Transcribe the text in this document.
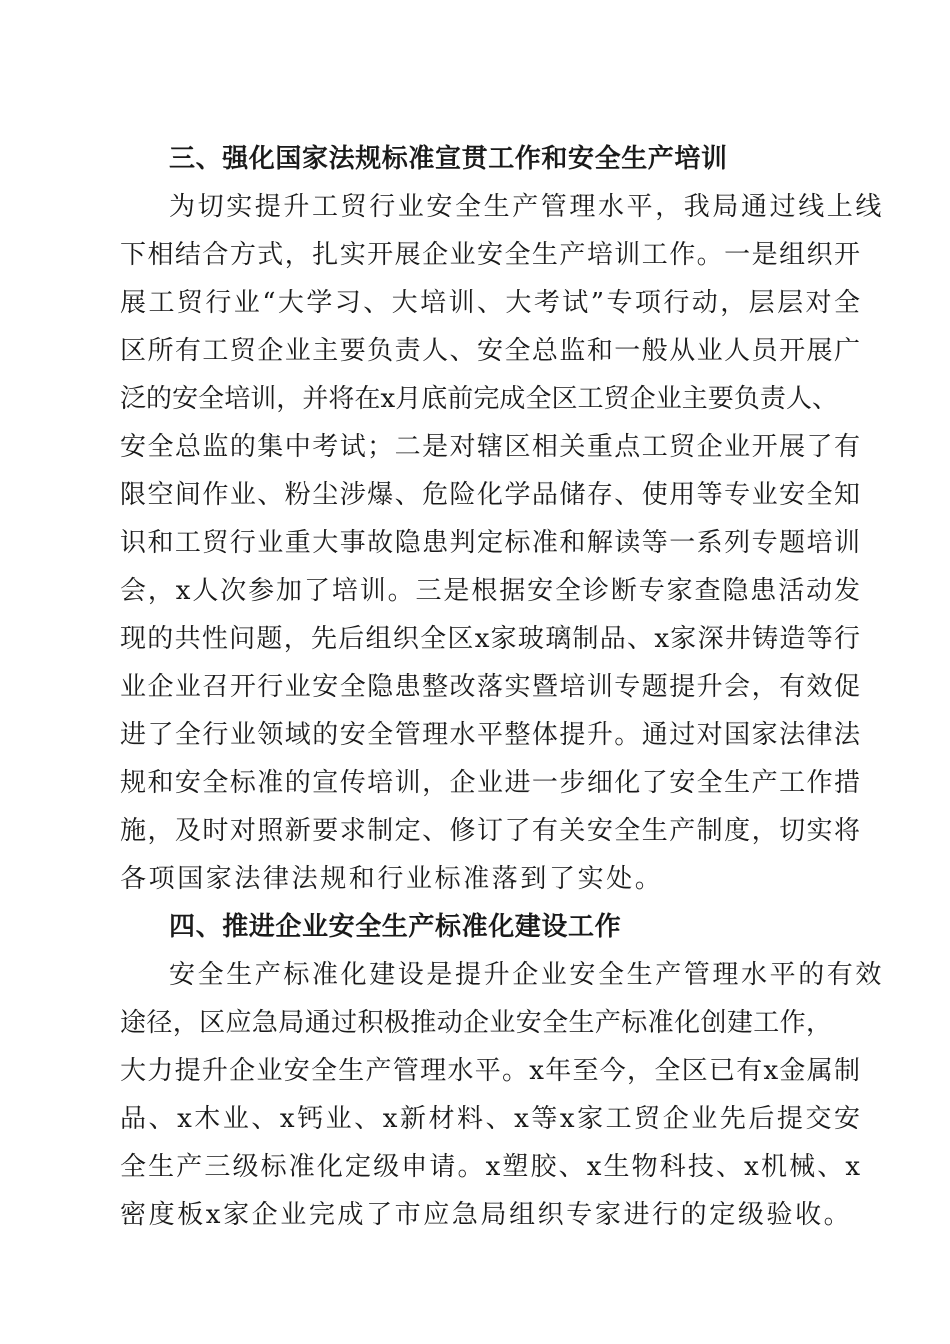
三、强化国家法规标准宣贯工作和安全生产培训
为切实提升工贸行业安全生产管理水平，我局通过线上线
下相结合方式，扎实开展企业安全生产培训工作。一是组织开
展工贸行业“大学习、大培训、大考试”专项行动，层层对全
区所有工贸企业主要负责人、安全总监和一般从业人员开展广
泛的安全培训，并将在x月底前完成全区工贸企业主要负责人、
安全总监的集中考试；二是对辖区相关重点工贸企业开展了有
限空间作业、粉尘涉爆、危险化学品储存、使用等专业安全知
识和工贸行业重大事故隐患判定标准和解读等一系列专题培训
会，x人次参加了培训。三是根据安全诊断专家查隐患活动发
现的共性问题，先后组织全区x家玻璃制品、x家深井铸造等行
业企业召开行业安全隐患整改落实暨培训专题提升会，有效促
进了全行业领域的安全管理水平整体提升。通过对国家法律法
规和安全标准的宣传培训，企业进一步细化了安全生产工作措
施，及时对照新要求制定、修订了有关安全生产制度，切实将
各项国家法律法规和行业标准落到了实处。
四、推进企业安全生产标准化建设工作
安全生产标准化建设是提升企业安全生产管理水平的有效
途径，区应急局通过积极推动企业安全生产标准化创建工作，
大力提升企业安全生产管理水平。x年至今，全区已有x金属制
品、x木业、x钙业、x新材料、x等x家工贸企业先后提交安
全生产三级标准化定级申请。x塑胶、x生物科技、x机械、x
密度板x家企业完成了市应急局组织专家进行的定级验收。
